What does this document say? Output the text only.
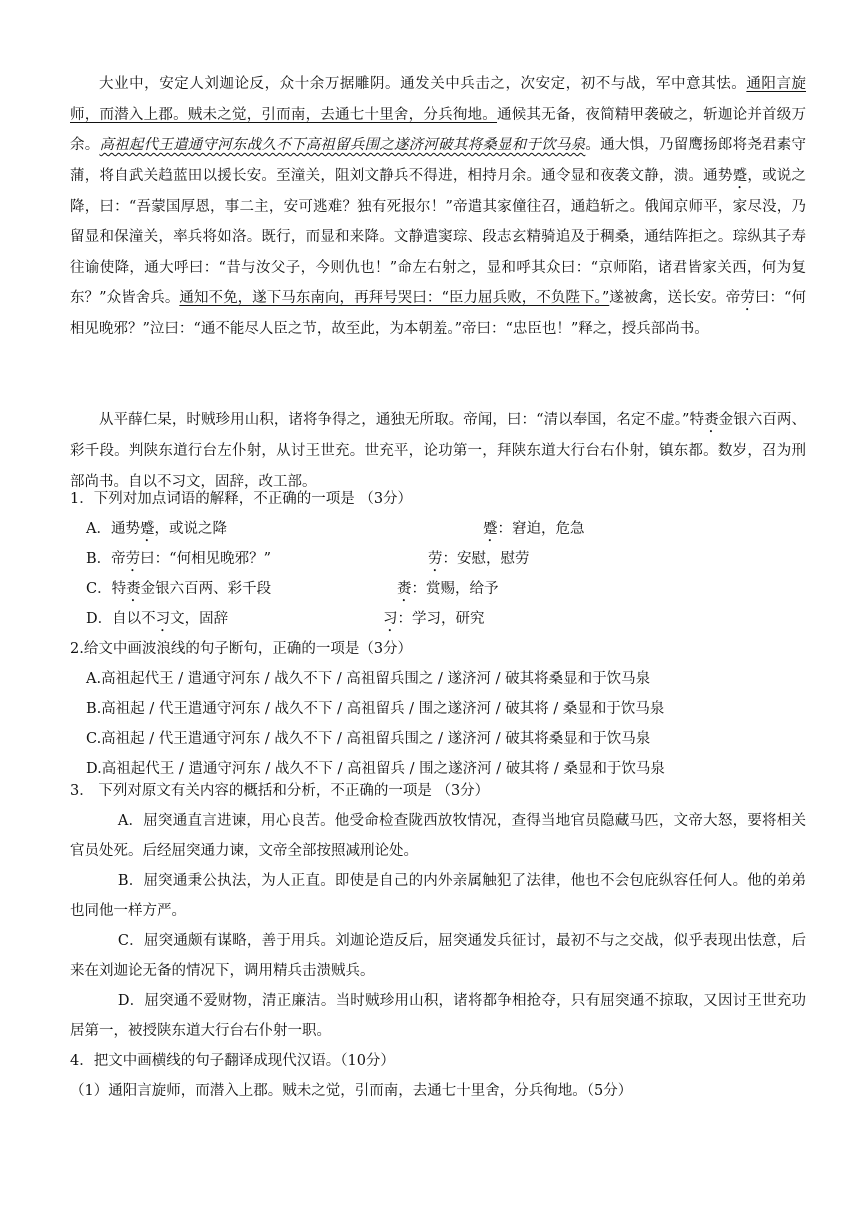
大业中，安定人刘迦论反，众十余万据雕阴。通发关中兵击之，次安定，初不与战，军中意其怯。通阳言旋师，而潜入上郡。贼未之觉，引而南，去通七十里舍，分兵徇地。通候其无备，夜简精甲袭破之，斩迦论并首级万余。高祖起代王遣通守河东战久不下高祖留兵围之遂济河破其将桑显和于饮马泉。通大惧，乃留鹰扬郎将尧君素守蒲，将自武关趋蓝田以援长安。至潼关，阻刘文静兵不得进，相持月余。通令显和夜袭文静，溃。通势蹙，或说之降，曰：“吾蒙国厚恩，事二主，安可逃难？独有死报尔！”帝遣其家僮往召，通趋斩之。俄闻京师平，家尽没，乃留显和保潼关，率兵将如洛。既行，而显和来降。文静遣窦琮、段志玄精骑追及于稠桑，通结阵拒之。琮纵其子寿往谕使降，通大呼曰：“昔与汝父子，今则仇也！”命左右射之，显和呼其众曰：“京师陷，诸君皆家关西，何为复东？”众皆舍兵。通知不免，遂下马东南向，再拜号哭曰：“臣力屈兵败，不负陛下。”遂被禽，送长安。帝劳曰：“何相见晚邪？”泣曰：“通不能尽人臣之节，故至此，为本朝羞。”帝曰：“忠臣也！”释之，授兵部尚书。

从平薛仁杲，时贼珍用山积，诸将争得之，通独无所取。帝闻，曰：“清以奉国，名定不虚。”特赉金银六百两、彩千段。判陕东道行台左仆射，从讨王世充。世充平，论功第一，拜陕东道大行台右仆射，镇东都。数岁，召为刑部尚书。自以不习文，固辞，改工部。

1．下列对加点词语的解释，不正确的一项是 （3分）

A．通势蹙，或说之降	蹙：窘迫，危急

B．帝劳曰：“何相见晚邪？”	劳：安慰，慰劳

C．特赉金银六百两、彩千段	赉：赏赐，给予

D．自以不习文，固辞	习：学习，研究

2.给文中画波浪线的句子断句，正确的一项是（3分）

A.高祖起代王 / 遣通守河东 / 战久不下 / 高祖留兵围之 / 遂济河 / 破其将桑显和于饮马泉

B.高祖起 / 代王遣通守河东 / 战久不下 / 高祖留兵 / 围之遂济河 / 破其将 / 桑显和于饮马泉

C.高祖起 / 代王遣通守河东 / 战久不下 / 高祖留兵围之 / 遂济河 / 破其将桑显和于饮马泉

D.高祖起代王 / 遣通守河东 / 战久不下 / 高祖留兵 / 围之遂济河 / 破其将 / 桑显和于饮马泉

3． 下列对原文有关内容的概括和分析，不正确的一项是 （3分）

A．屈突通直言进谏，用心良苦。他受命检查陇西放牧情况，查得当地官员隐藏马匹，文帝大怒，要将相关官员处死。后经屈突通力谏，文帝全部按照减刑论处。

B．屈突通秉公执法，为人正直。即使是自己的内外亲属触犯了法律，他也不会包庇纵容任何人。他的弟弟也同他一样方严。

C．屈突通颇有谋略，善于用兵。刘迦论造反后，屈突通发兵征讨，最初不与之交战，似乎表现出怯意，后来在刘迦论无备的情况下，调用精兵击溃贼兵。

D．屈突通不爱财物，清正廉洁。当时贼珍用山积，诸将都争相抢夺，只有屈突通不掠取，又因讨王世充功居第一，被授陕东道大行台右仆射一职。

4．把文中画横线的句子翻译成现代汉语。（10分）

（1）通阳言旋师，而潜入上郡。贼未之觉，引而南，去通七十里舍，分兵徇地。（5分）
